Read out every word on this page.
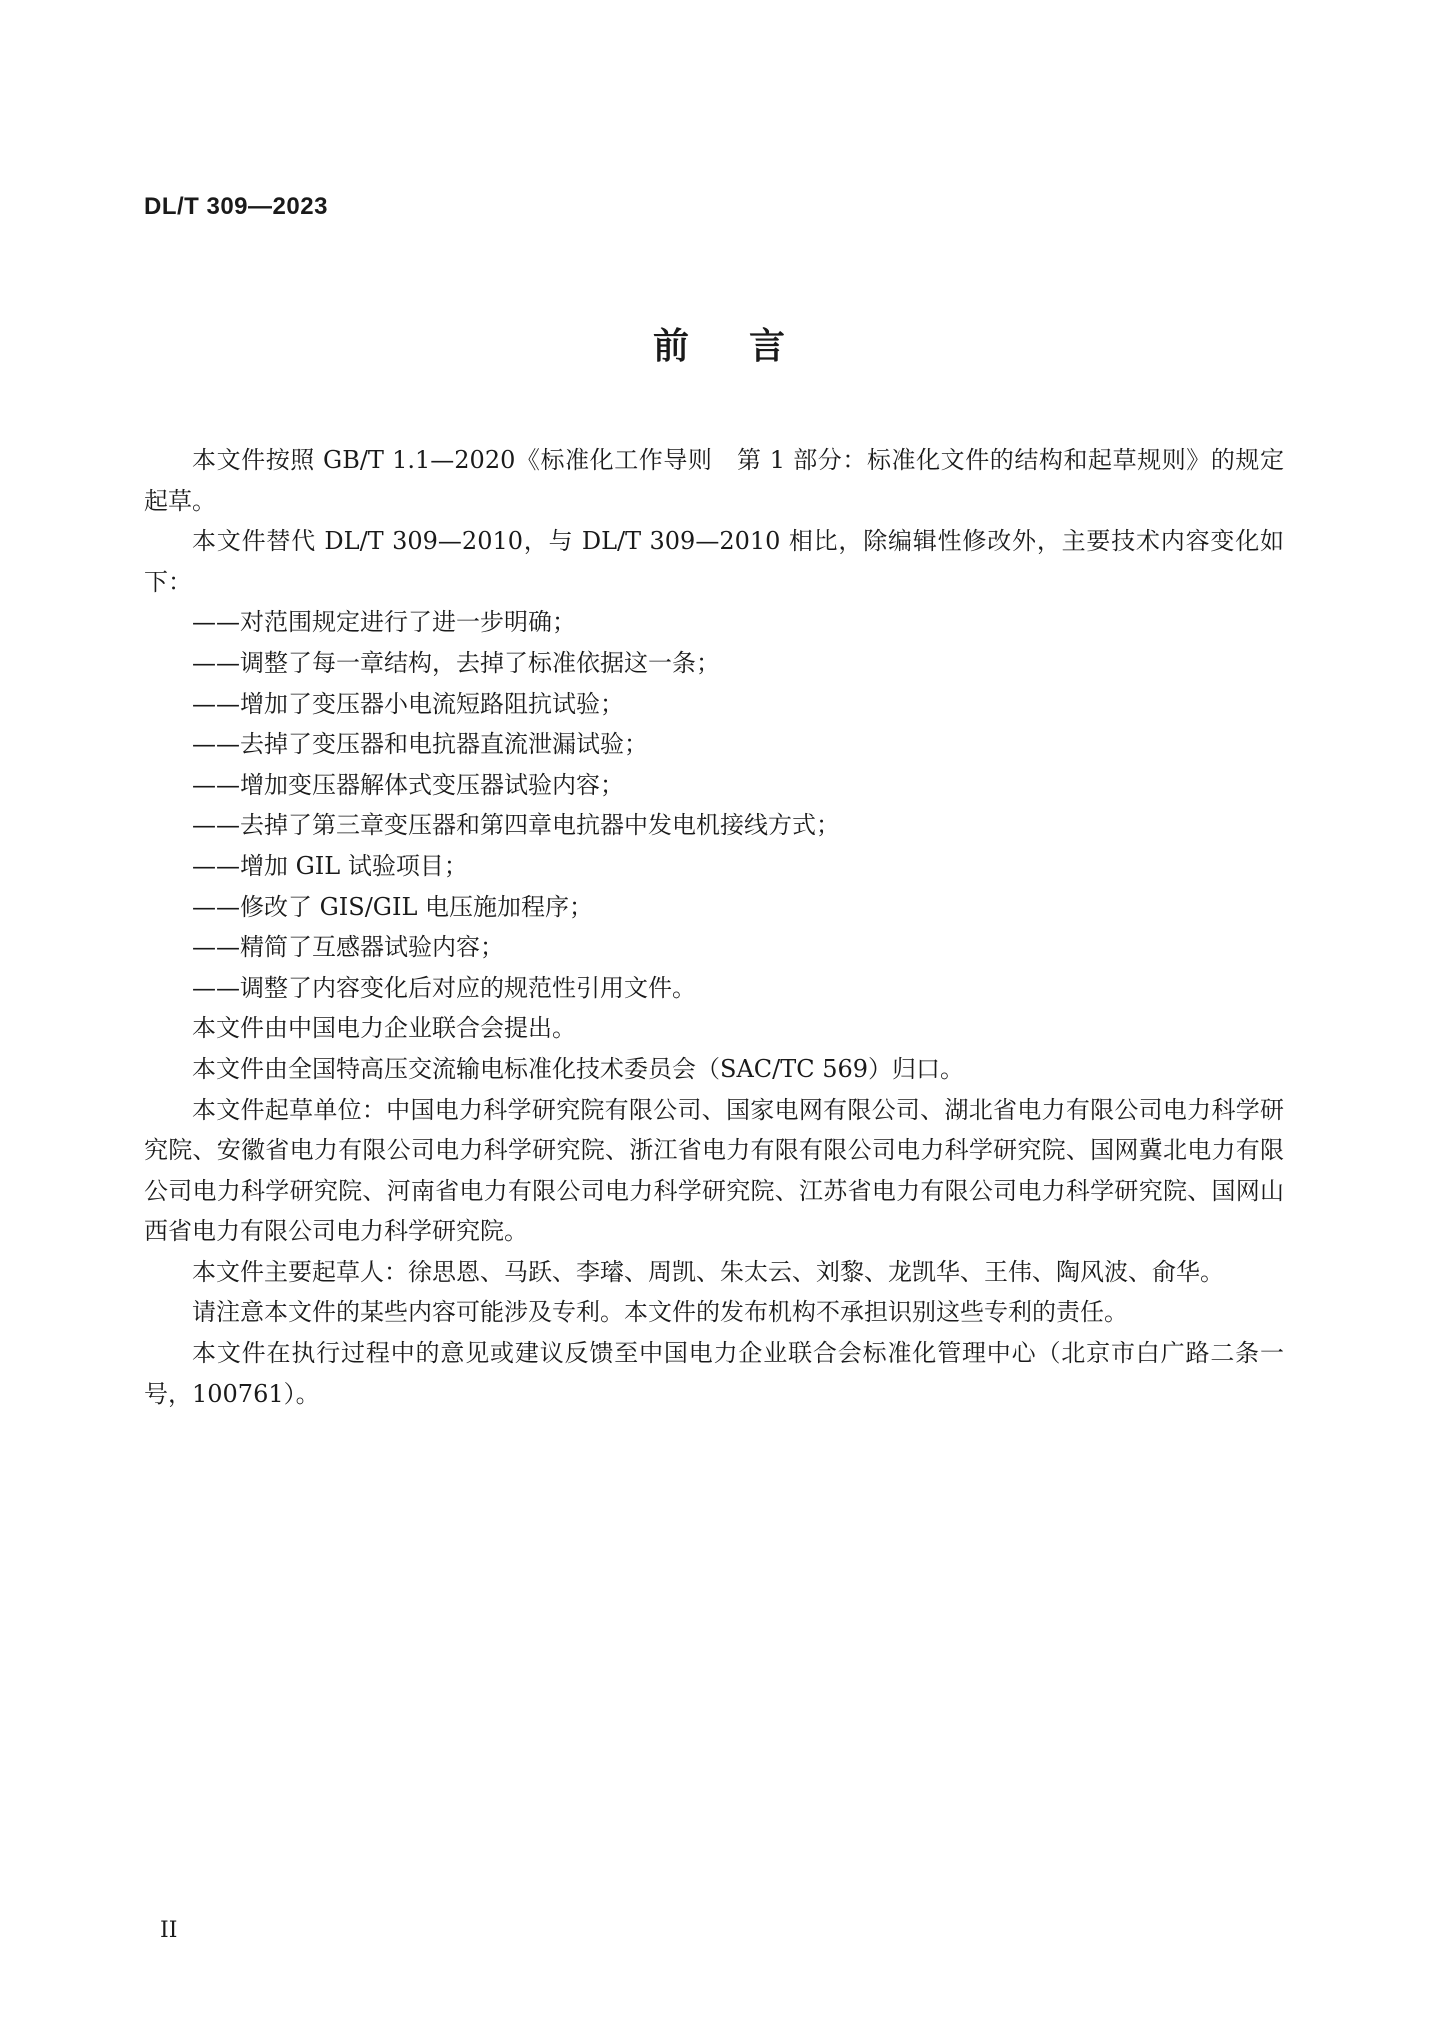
DL/T 309—2023
前言

本文件按照 GB/T 1.1—2020《标准化工作导则　第 1 部分：标准化文件的结构和起草规则》的规定起草。

本文件替代 DL/T 309—2010，与 DL/T 309—2010 相比，除编辑性修改外，主要技术内容变化如下：

——对范围规定进行了进一步明确；

——调整了每一章结构，去掉了标准依据这一条；

——增加了变压器小电流短路阻抗试验；

——去掉了变压器和电抗器直流泄漏试验；

——增加变压器解体式变压器试验内容；

——去掉了第三章变压器和第四章电抗器中发电机接线方式；

——增加 GIL 试验项目；

——修改了 GIS/GIL 电压施加程序；

——精简了互感器试验内容；

——调整了内容变化后对应的规范性引用文件。

本文件由中国电力企业联合会提出。

本文件由全国特高压交流输电标准化技术委员会（SAC/TC 569）归口。

本文件起草单位：中国电力科学研究院有限公司、国家电网有限公司、湖北省电力有限公司电力科学研究院、安徽省电力有限公司电力科学研究院、浙江省电力有限有限公司电力科学研究院、国网冀北电力有限公司电力科学研究院、河南省电力有限公司电力科学研究院、江苏省电力有限公司电力科学研究院、国网山西省电力有限公司电力科学研究院。

本文件主要起草人：徐思恩、马跃、李璿、周凯、朱太云、刘黎、龙凯华、王伟、陶风波、俞华。

请注意本文件的某些内容可能涉及专利。本文件的发布机构不承担识别这些专利的责任。

本文件在执行过程中的意见或建议反馈至中国电力企业联合会标准化管理中心（北京市白广路二条一号，100761）。

II
